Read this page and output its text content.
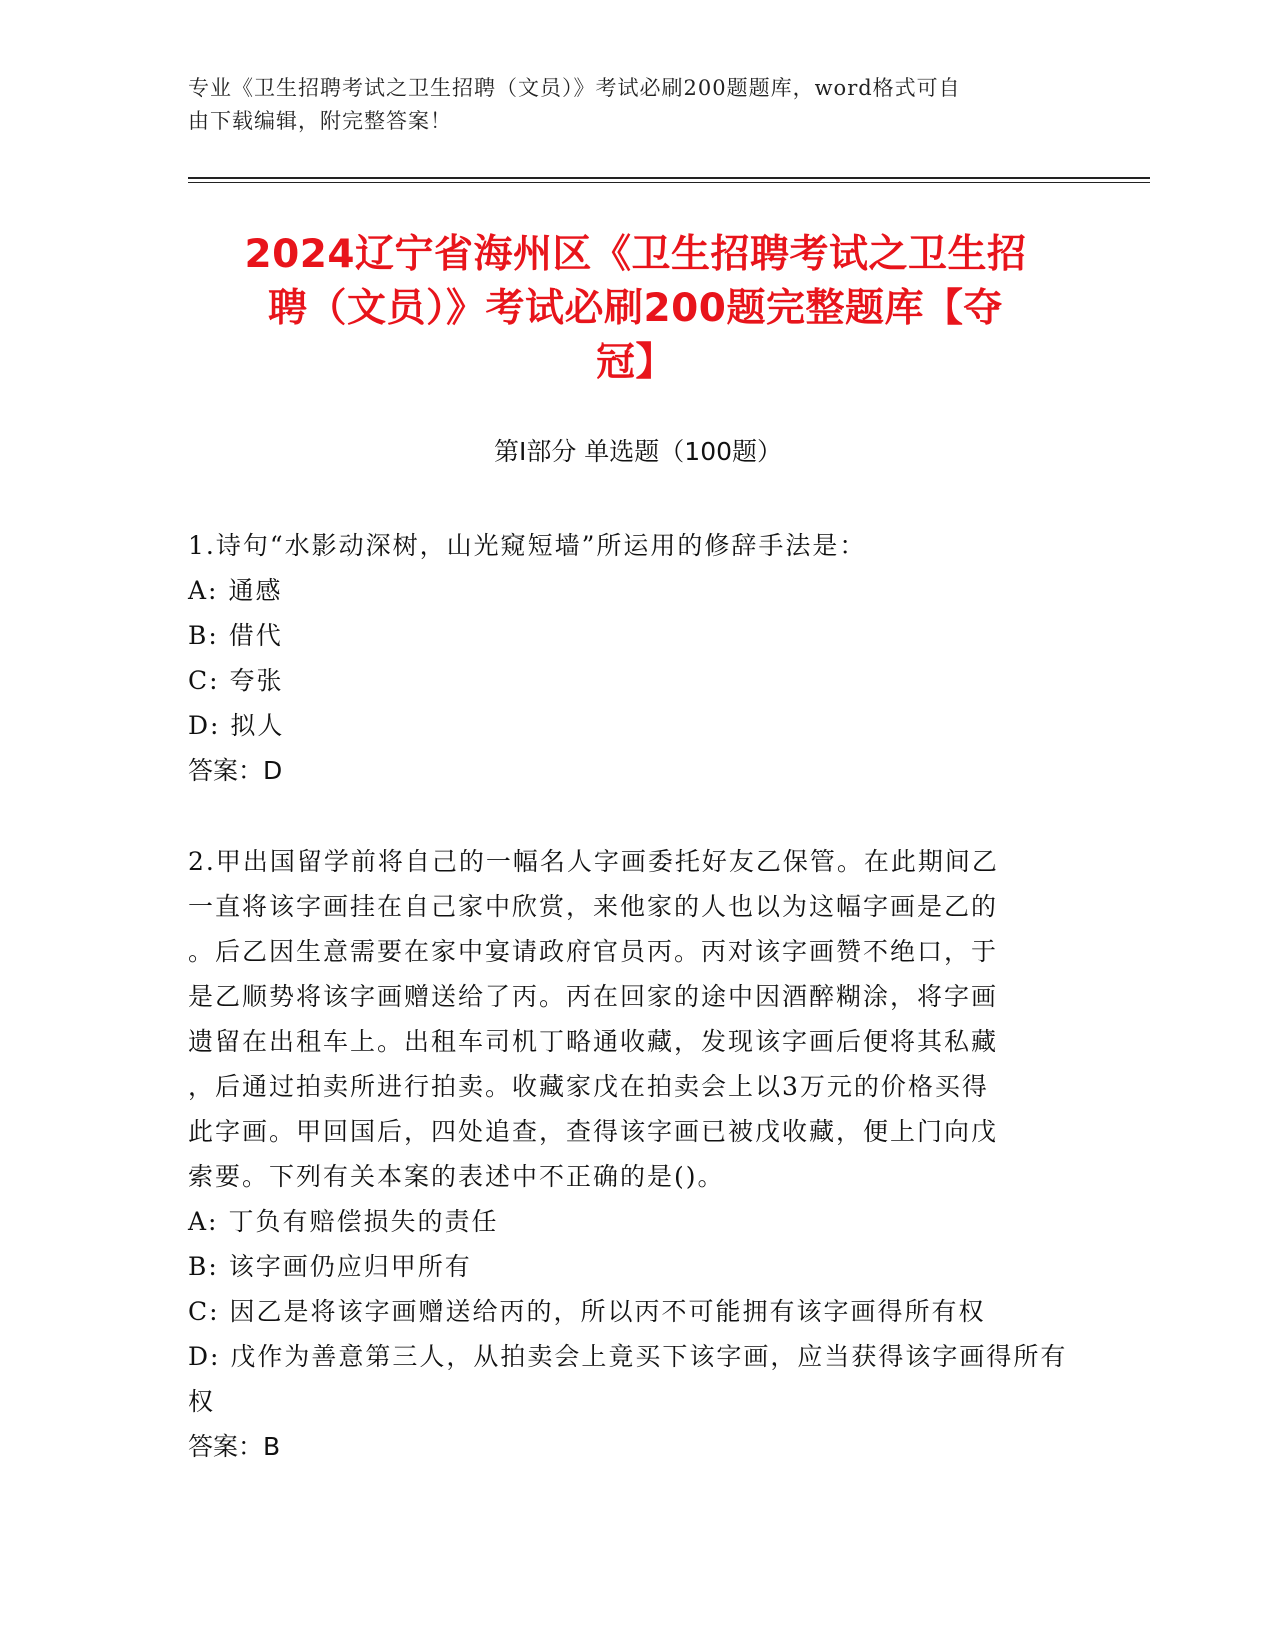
专业《卫生招聘考试之卫生招聘（文员）》考试必刷200题题库，word格式可自
由下载编辑，附完整答案！
2024辽宁省海州区《卫生招聘考试之卫生招
聘（文员）》考试必刷200题完整题库【夺
冠】
第Ⅰ部分 单选题（100题）

1.诗句“水影动深树，山光窥短墙”所运用的修辞手法是：

A: 通感

B: 借代

C: 夸张

D: 拟人

答案：D

2.甲出国留学前将自己的一幅名人字画委托好友乙保管。在此期间乙

一直将该字画挂在自己家中欣赏，来他家的人也以为这幅字画是乙的

。后乙因生意需要在家中宴请政府官员丙。丙对该字画赞不绝口，于

是乙顺势将该字画赠送给了丙。丙在回家的途中因酒醉糊涂，将字画

遗留在出租车上。出租车司机丁略通收藏，发现该字画后便将其私藏

，后通过拍卖所进行拍卖。收藏家戊在拍卖会上以3万元的价格买得

此字画。甲回国后，四处追查，查得该字画已被戊收藏，便上门向戊

索要。下列有关本案的表述中不正确的是()。

A: 丁负有赔偿损失的责任

B: 该字画仍应归甲所有

C: 因乙是将该字画赠送给丙的，所以丙不可能拥有该字画得所有权

D: 戊作为善意第三人，从拍卖会上竟买下该字画，应当获得该字画得所有权

答案：B
